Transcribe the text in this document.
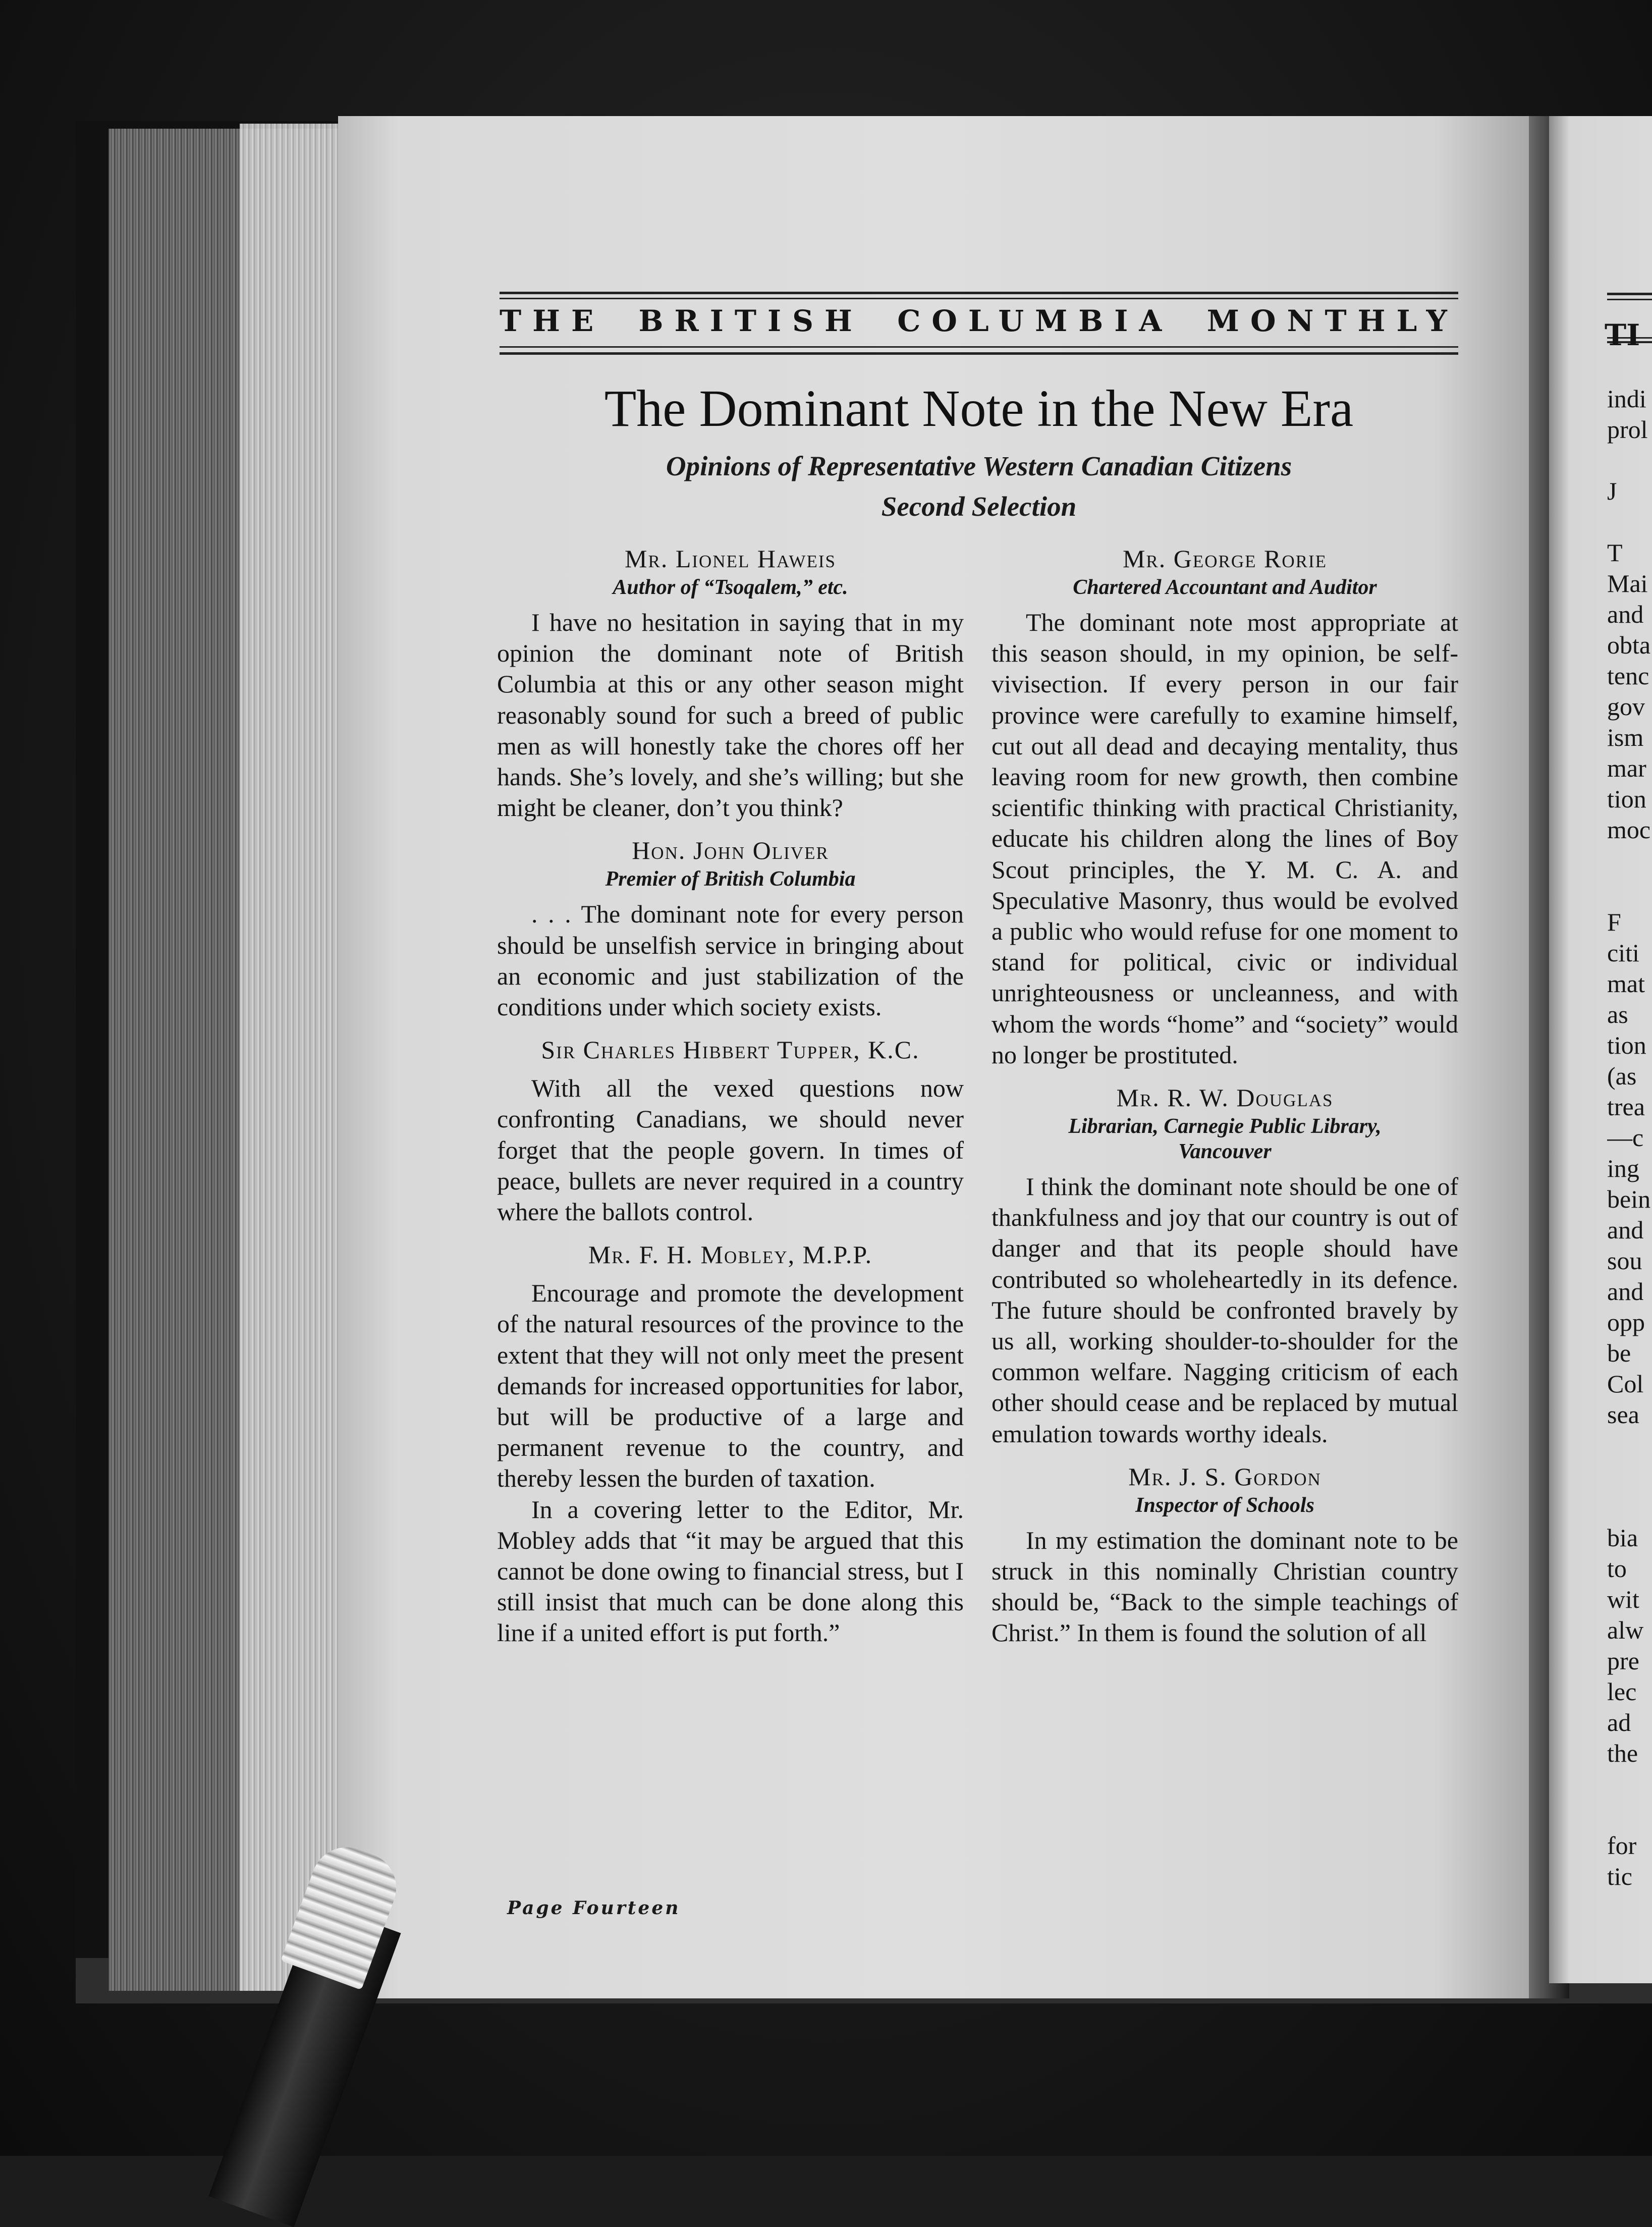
THE BRITISH COLUMBIA MONTHLY
The Dominant Note in the New Era
Opinions of Representative Western Canadian Citizens
Second Selection

Mr. Lionel Haweis

Author of “Tsoqalem,” etc.

I have no hesitation in saying that in my opinion the dominant note of British Columbia at this or any other season might reasonably sound for such a breed of public men as will honestly take the chores off her hands. She’s lovely, and she’s willing; but she might be cleaner, don’t you think?

Hon. John Oliver

Premier of British Columbia

. . . The dominant note for every person should be unselfish service in bringing about an economic and just stabilization of the conditions under which society exists.

Sir Charles Hibbert Tupper, K.C.

With all the vexed questions now confronting Canadians, we should never forget that the people govern. In times of peace, bullets are never required in a country where the ballots control.

Mr. F. H. Mobley, M.P.P.

Encourage and promote the development of the natural resources of the province to the extent that they will not only meet the present demands for increased opportunities for labor, but will be productive of a large and permanent revenue to the country, and thereby lessen the burden of taxation.

In a covering letter to the Editor, Mr. Mobley adds that “it may be argued that this cannot be done owing to financial stress, but I still insist that much can be done along this line if a united effort is put forth.”

Mr. George Rorie

Chartered Accountant and Auditor

The dominant note most appropriate at this season should, in my opinion, be self-vivisection. If every person in our fair province were carefully to examine himself, cut out all dead and decaying mentality, thus leaving room for new growth, then combine scientific thinking with practical Christianity, educate his children along the lines of Boy Scout principles, the Y. M. C. A. and Speculative Masonry, thus would be evolved a public who would refuse for one moment to stand for political, civic or individual unrighteousness or uncleanness, and with whom the words “home” and “society” would no longer be prostituted.

Mr. R. W. Douglas

Librarian, Carnegie Public Library,

Vancouver

I think the dominant note should be one of thankfulness and joy that our country is out of danger and that its people should have contributed so wholeheartedly in its defence. The future should be confronted bravely by us all, working shoulder-to-shoulder for the common welfare. Nagging criticism of each other should cease and be replaced by mutual emulation towards worthy ideals.

Mr. J. S. Gordon

Inspector of Schools

In my estimation the dominant note to be struck in this nominally Christian country should be, “Back to the simple teachings of Christ.” In them is found the solution of all

Page Fourteen
TI
indi
prol
J
T
Mai
and
obta
tenc
gov
ism
mar
tion
moc
F
citi
mat
as
tion
(as
trea
—c
ing
bein
and
sou
and
opp
be
Col
sea
bia
to
wit
alw
pre
lec
ad
the
for
tic
